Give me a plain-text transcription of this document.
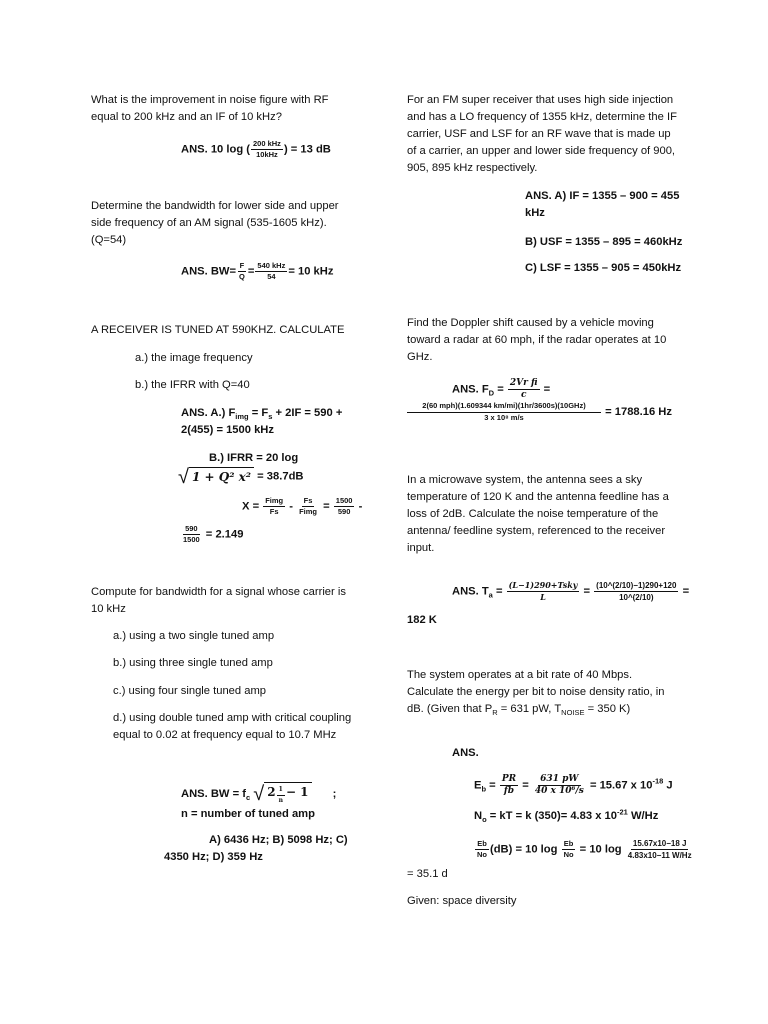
What is the improvement in noise figure with RF equal to 200 kHz and an IF of 10 kHz?

ANS. 10 log ( 200 kHz
10kHz ) = 13 dB

Determine the bandwidth for lower side and upper side frequency of an AM signal (535-1605 kHz). (Q=54)

ANS. $BW= \frac{F}{Q} = 540$ kHz
54 = 10 kHz

A RECEIVER IS TUNED AT 590KHZ. CALCULATE

a.) the image frequency

b.) the IFRR with Q=40

ANS. A.) $F_{img} = F_s + 2IF = 590$ +
2(455) = 1500 kHz
B.) IFRR = 20 log
√ 1 + Q² x² = 38.7dB
X = Fimg
Fs - Fs
Fimg = $\frac{1500}{590}$ -
$\frac{590}{1500} = 2.149$

Compute for bandwidth for a signal whose carrier is 10 kHz

a.) using a two single tuned amp

b.) using three single tuned amp

c.) using four single tuned amp

d.) using double tuned amp with critical coupling equal to 0.02 at frequency equal to 10.7 MHz

ANS. BW = $f_c$ √ 2 $^{\frac{1}{n}}$ − 1 ;
n = number of tuned amp
A) 6436 Hz; B) 5098 Hz; C)
4350 Hz; D) 359 Hz

For an FM super receiver that uses high side injection and has a LO frequency of 1355 kHz, determine the IF carrier, USF and LSF for an RF wave that is made up of a carrier, an upper and lower side frequency of 900, 905, 895 kHz respectively.

ANS. A) IF = 1355 – 900 = 455 kHz
B) USF = 1355 – 895 = 460kHz
C) LSF = 1355 – 905 = 450kHz

Find the Doppler shift caused by a vehicle moving toward a radar at 60 mph, if the radar operates at 10 GHz.

ANS. $F_D = \frac{\text{2Vr fi}}{c}$ =
2(60 mph)(1.609344 km/mi)(1hr/3600s)(10GHz)
3 x 10⁸ m/s	= 1788.16 Hz

In a microwave system, the antenna sees a sky temperature of 120 K and the antenna feedline has a loss of 2dB. Calculate the noise temperature of the antenna/ feedline system, referenced to the receiver input.

ANS. $T_a$ =
(L−1)290+Tsky
L	= $\frac{(10\^{}(2/10)-1)290+120}{10\^{}(2/10)}$ =
182 K

The system operates at a bit rate of 40 Mbps. Calculate the energy per bit to noise density ratio, in dB. (Given that $P_R = 631$ pW, $T_{NOISE} = 350$ K)

ANS.
$E_b = \frac{PR}{fb} = \frac{631 pW}{\text{40 x 10⁶/s}} = 15.67$ x $10^{-18}$ J
$N_o$ = kT = k (350)= 4.83 x $10^{-21}$ W/Hz
$\frac{Eb}{No} (dB) = 10$ $\log \frac{Eb}{No} = 10$ $\log \frac{15.67x10-18 J}{4.83x10-11 W/Hz}$
= 35.1 d

Given: space diversity
